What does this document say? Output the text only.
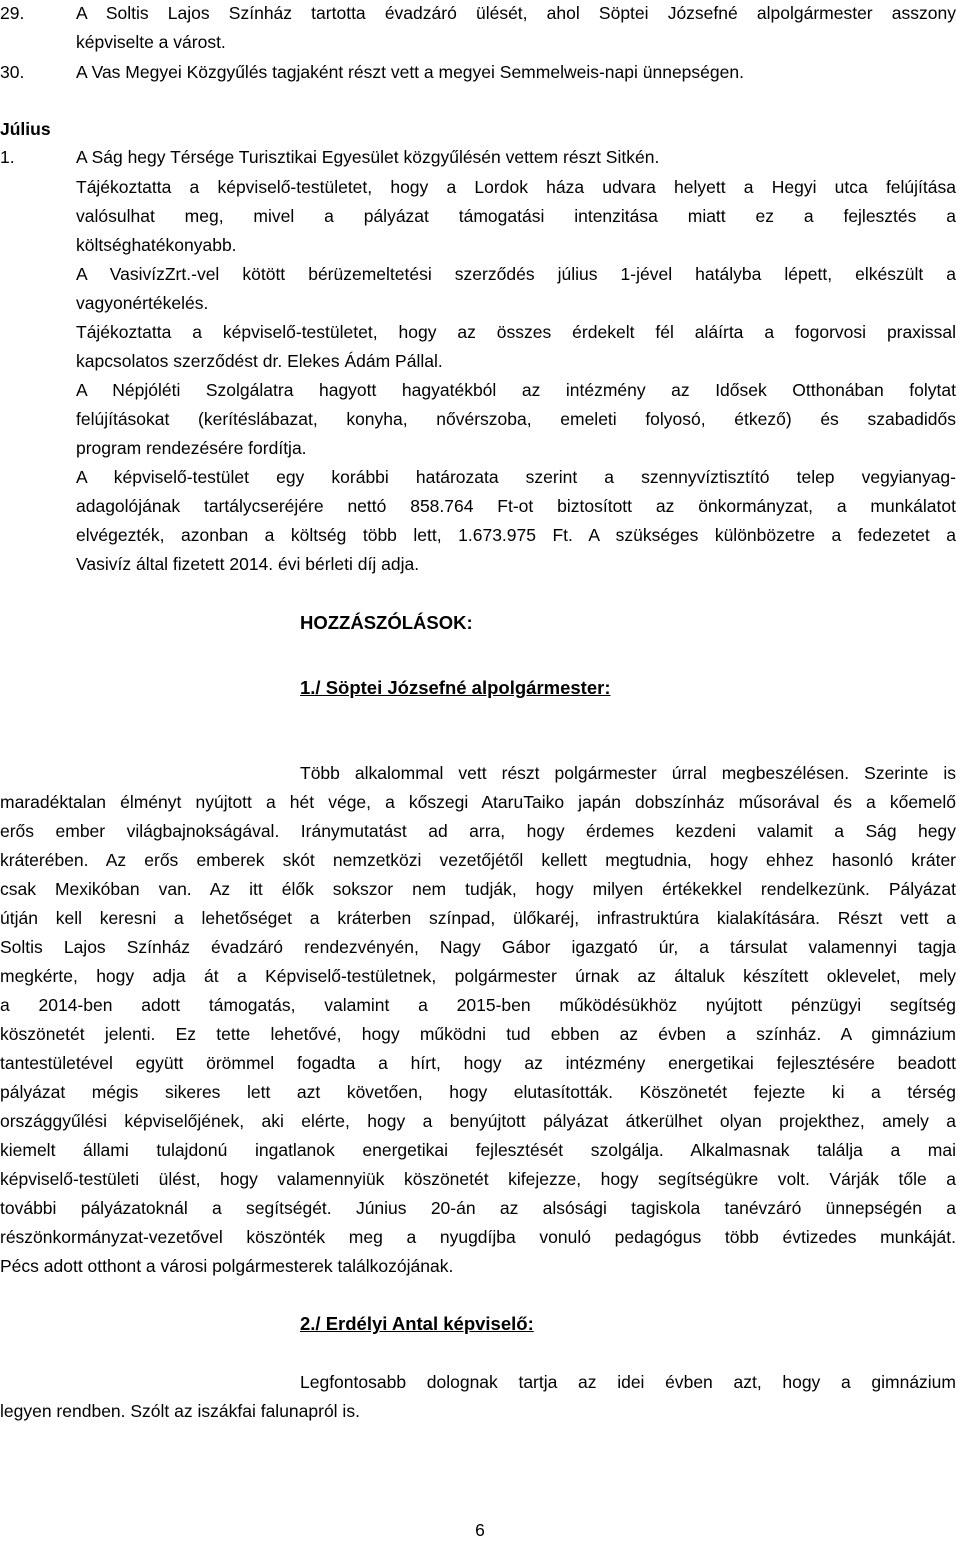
29.	A Soltis Lajos Színház tartotta évadzáró ülését, ahol Söptei Józsefné alpolgármester asszony
képviselte a várost.
30.	A Vas Megyei Közgyűlés tagjaként részt vett a megyei Semmelweis-napi ünnepségen.
Július
1.	A Ság hegy Térsége Turisztikai Egyesület közgyűlésén vettem részt Sitkén.
Tájékoztatta a képviselő-testületet, hogy a Lordok háza udvara helyett a Hegyi utca felújítása
valósulhat meg, mivel a pályázat támogatási intenzitása miatt ez a fejlesztés a
költséghatékonyabb.
A VasivízZrt.-vel kötött bérüzemeltetési szerződés július 1-jével hatályba lépett, elkészült a
vagyonértékelés.
Tájékoztatta a képviselő-testületet, hogy az összes érdekelt fél aláírta a fogorvosi praxissal
kapcsolatos szerződést dr. Elekes Ádám Pállal.
A Népjóléti Szolgálatra hagyott hagyatékból az intézmény az Idősek Otthonában folytat
felújításokat (kerítéslábazat, konyha, nővérszoba, emeleti folyosó, étkező) és szabadidős
program rendezésére fordítja.
A képviselő-testület egy korábbi határozata szerint a szennyvíztisztító telep vegyianyag-
adagolójának tartálycseréjére nettó 858.764 Ft-ot biztosított az önkormányzat, a munkálatot
elvégezték, azonban a költség több lett, 1.673.975 Ft. A szükséges különbözetre a fedezetet a
Vasivíz által fizetett 2014. évi bérleti díj adja.
HOZZÁSZÓLÁSOK:
1./ Söptei Józsefné alpolgármester:
Több alkalommal vett részt polgármester úrral megbeszélésen. Szerinte is
maradéktalan élményt nyújtott a hét vége, a kőszegi AtaruTaiko japán dobszínház műsorával és a kőemelő
erős ember világbajnokságával. Iránymutatást ad arra, hogy érdemes kezdeni valamit a Ság hegy
kráterében. Az erős emberek skót nemzetközi vezetőjétől kellett megtudnia, hogy ehhez hasonló kráter
csak Mexikóban van. Az itt élők sokszor nem tudják, hogy milyen értékekkel rendelkezünk. Pályázat
útján kell keresni a lehetőséget a kráterben színpad, ülőkaréj, infrastruktúra kialakítására. Részt vett a
Soltis Lajos Színház évadzáró rendezvényén, Nagy Gábor igazgató úr, a társulat valamennyi tagja
megkérte, hogy adja át a Képviselő-testületnek, polgármester úrnak az általuk készített oklevelet, mely
a 2014-ben adott támogatás, valamint a 2015-ben működésükhöz nyújtott pénzügyi segítség
köszönetét jelenti. Ez tette lehetővé, hogy működni tud ebben az évben a színház. A gimnázium
tantestületével együtt örömmel fogadta a hírt, hogy az intézmény energetikai fejlesztésére beadott
pályázat mégis sikeres lett azt követően, hogy elutasították. Köszönetét fejezte ki a térség
országgyűlési képviselőjének, aki elérte, hogy a benyújtott pályázat átkerülhet olyan projekthez, amely a
kiemelt állami tulajdonú ingatlanok energetikai fejlesztését szolgálja. Alkalmasnak találja a mai
képviselő-testületi ülést, hogy valamennyiük köszönetét kifejezze, hogy segítségükre volt. Várják tőle a
további pályázatoknál a segítségét. Június 20-án az alsósági tagiskola tanévzáró ünnepségén a
részönkormányzat-vezetővel köszönték meg a nyugdíjba vonuló pedagógus több évtizedes munkáját.
Pécs adott otthont a városi polgármesterek találkozójának.
2./ Erdélyi Antal képviselő:
Legfontosabb dolognak tartja az idei évben azt, hogy a gimnázium
legyen rendben. Szólt az iszákfai falunapról is.
6
